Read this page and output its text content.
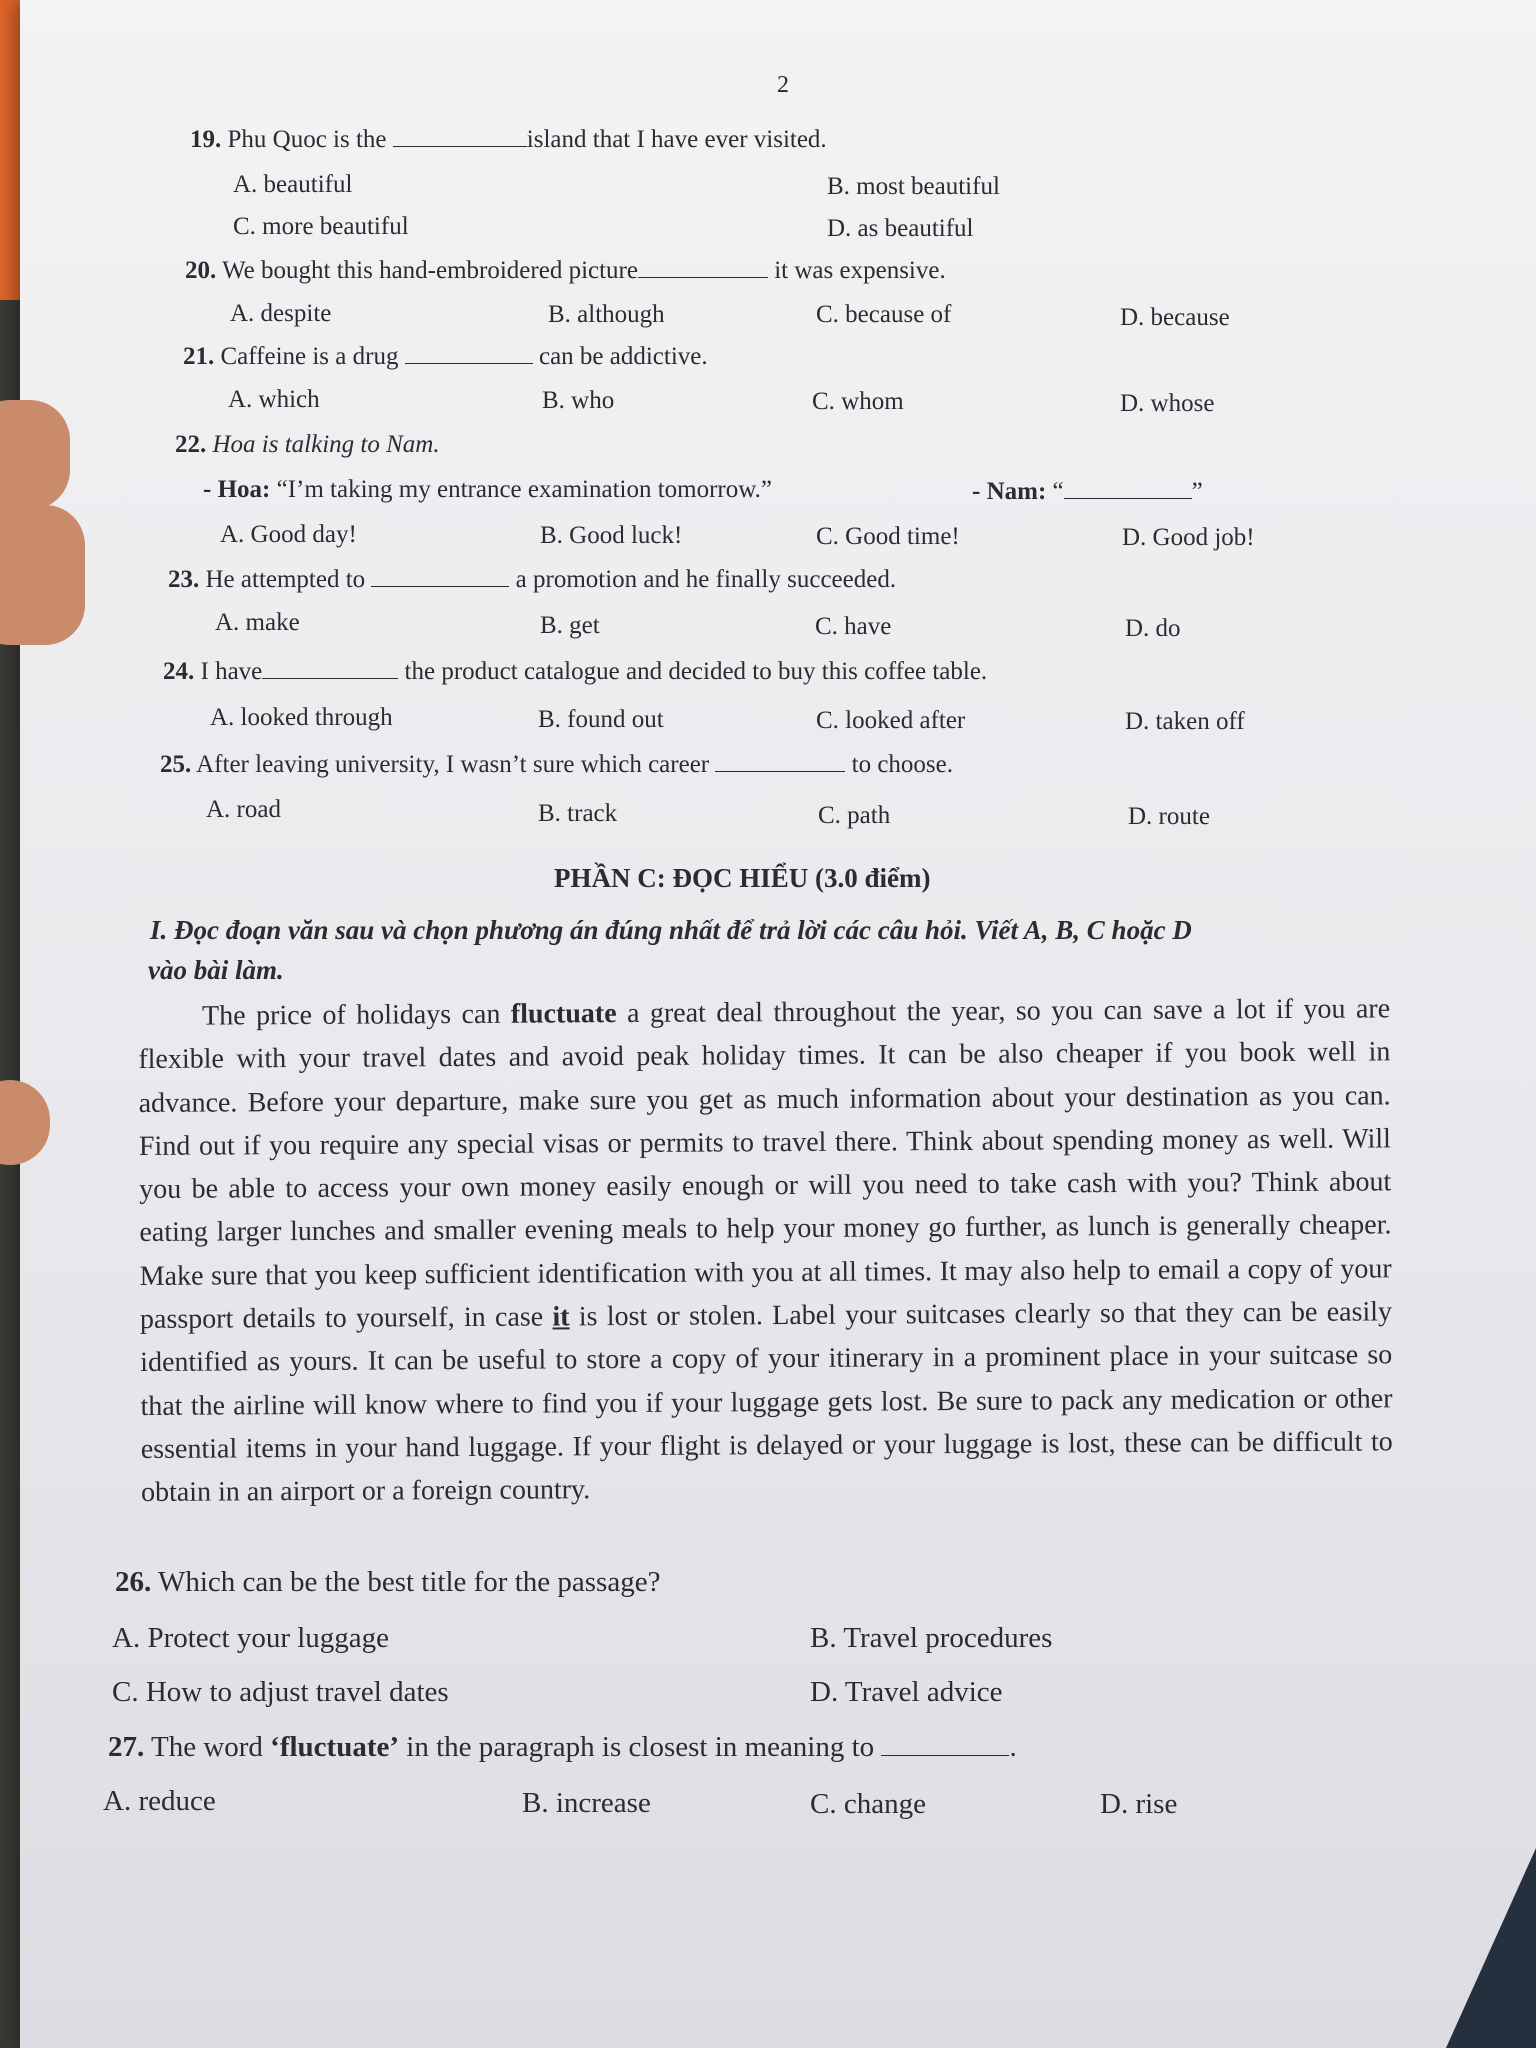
2
19. Phu Quoc is the	island that I have ever visited.
A. beautiful	B. most beautiful
C. more beautiful	D. as beautiful
20. We bought this hand-embroidered picture	it was expensive.
A. despite	B. although	C. because of	D. because
21. Caffeine is a drug	can be addictive.
A. which	B. who	C. whom	D. whose
22. Hoa is talking to Nam.
- Hoa: “I’m taking my entrance examination tomorrow.”	- Nam: “	”
A. Good day!	B. Good luck!	C. Good time!	D. Good job!
23. He attempted to	a promotion and he finally succeeded.
A. make	B. get	C. have	D. do
24. I have	the product catalogue and decided to buy this coffee table.
A. looked through	B. found out	C. looked after	D. taken off
25. After leaving university, I wasn’t sure which career	to choose.
A. road	B. track	C. path	D. route
PHẦN C: ĐỌC HIỂU (3.0 điểm)
I. Đọc đoạn văn sau và chọn phương án đúng nhất để trả lời các câu hỏi. Viết A, B, C hoặc D
vào bài làm.

The price of holidays can fluctuate a great deal throughout the year, so you can save a lot if you are flexible with your travel dates and avoid peak holiday times. It can be also cheaper if you book well in advance. Before your departure, make sure you get as much information about your destination as you can. Find out if you require any special visas or permits to travel there. Think about spending money as well. Will you be able to access your own money easily enough or will you need to take cash with you? Think about eating larger lunches and smaller evening meals to help your money go further, as lunch is generally cheaper. Make sure that you keep sufficient identification with you at all times. It may also help to email a copy of your passport details to yourself, in case it is lost or stolen. Label your suitcases clearly so that they can be easily identified as yours. It can be useful to store a copy of your itinerary in a prominent place in your suitcase so that the airline will know where to find you if your luggage gets lost. Be sure to pack any medication or other essential items in your hand luggage. If your flight is delayed or your luggage is lost, these can be difficult to obtain in an airport or a foreign country.

26. Which can be the best title for the passage?
A. Protect your luggage	B. Travel procedures
C. How to adjust travel dates	D. Travel advice
27. The word ‘fluctuate’ in the paragraph is closest in meaning to	.
A. reduce	B. increase	C. change	D. rise
